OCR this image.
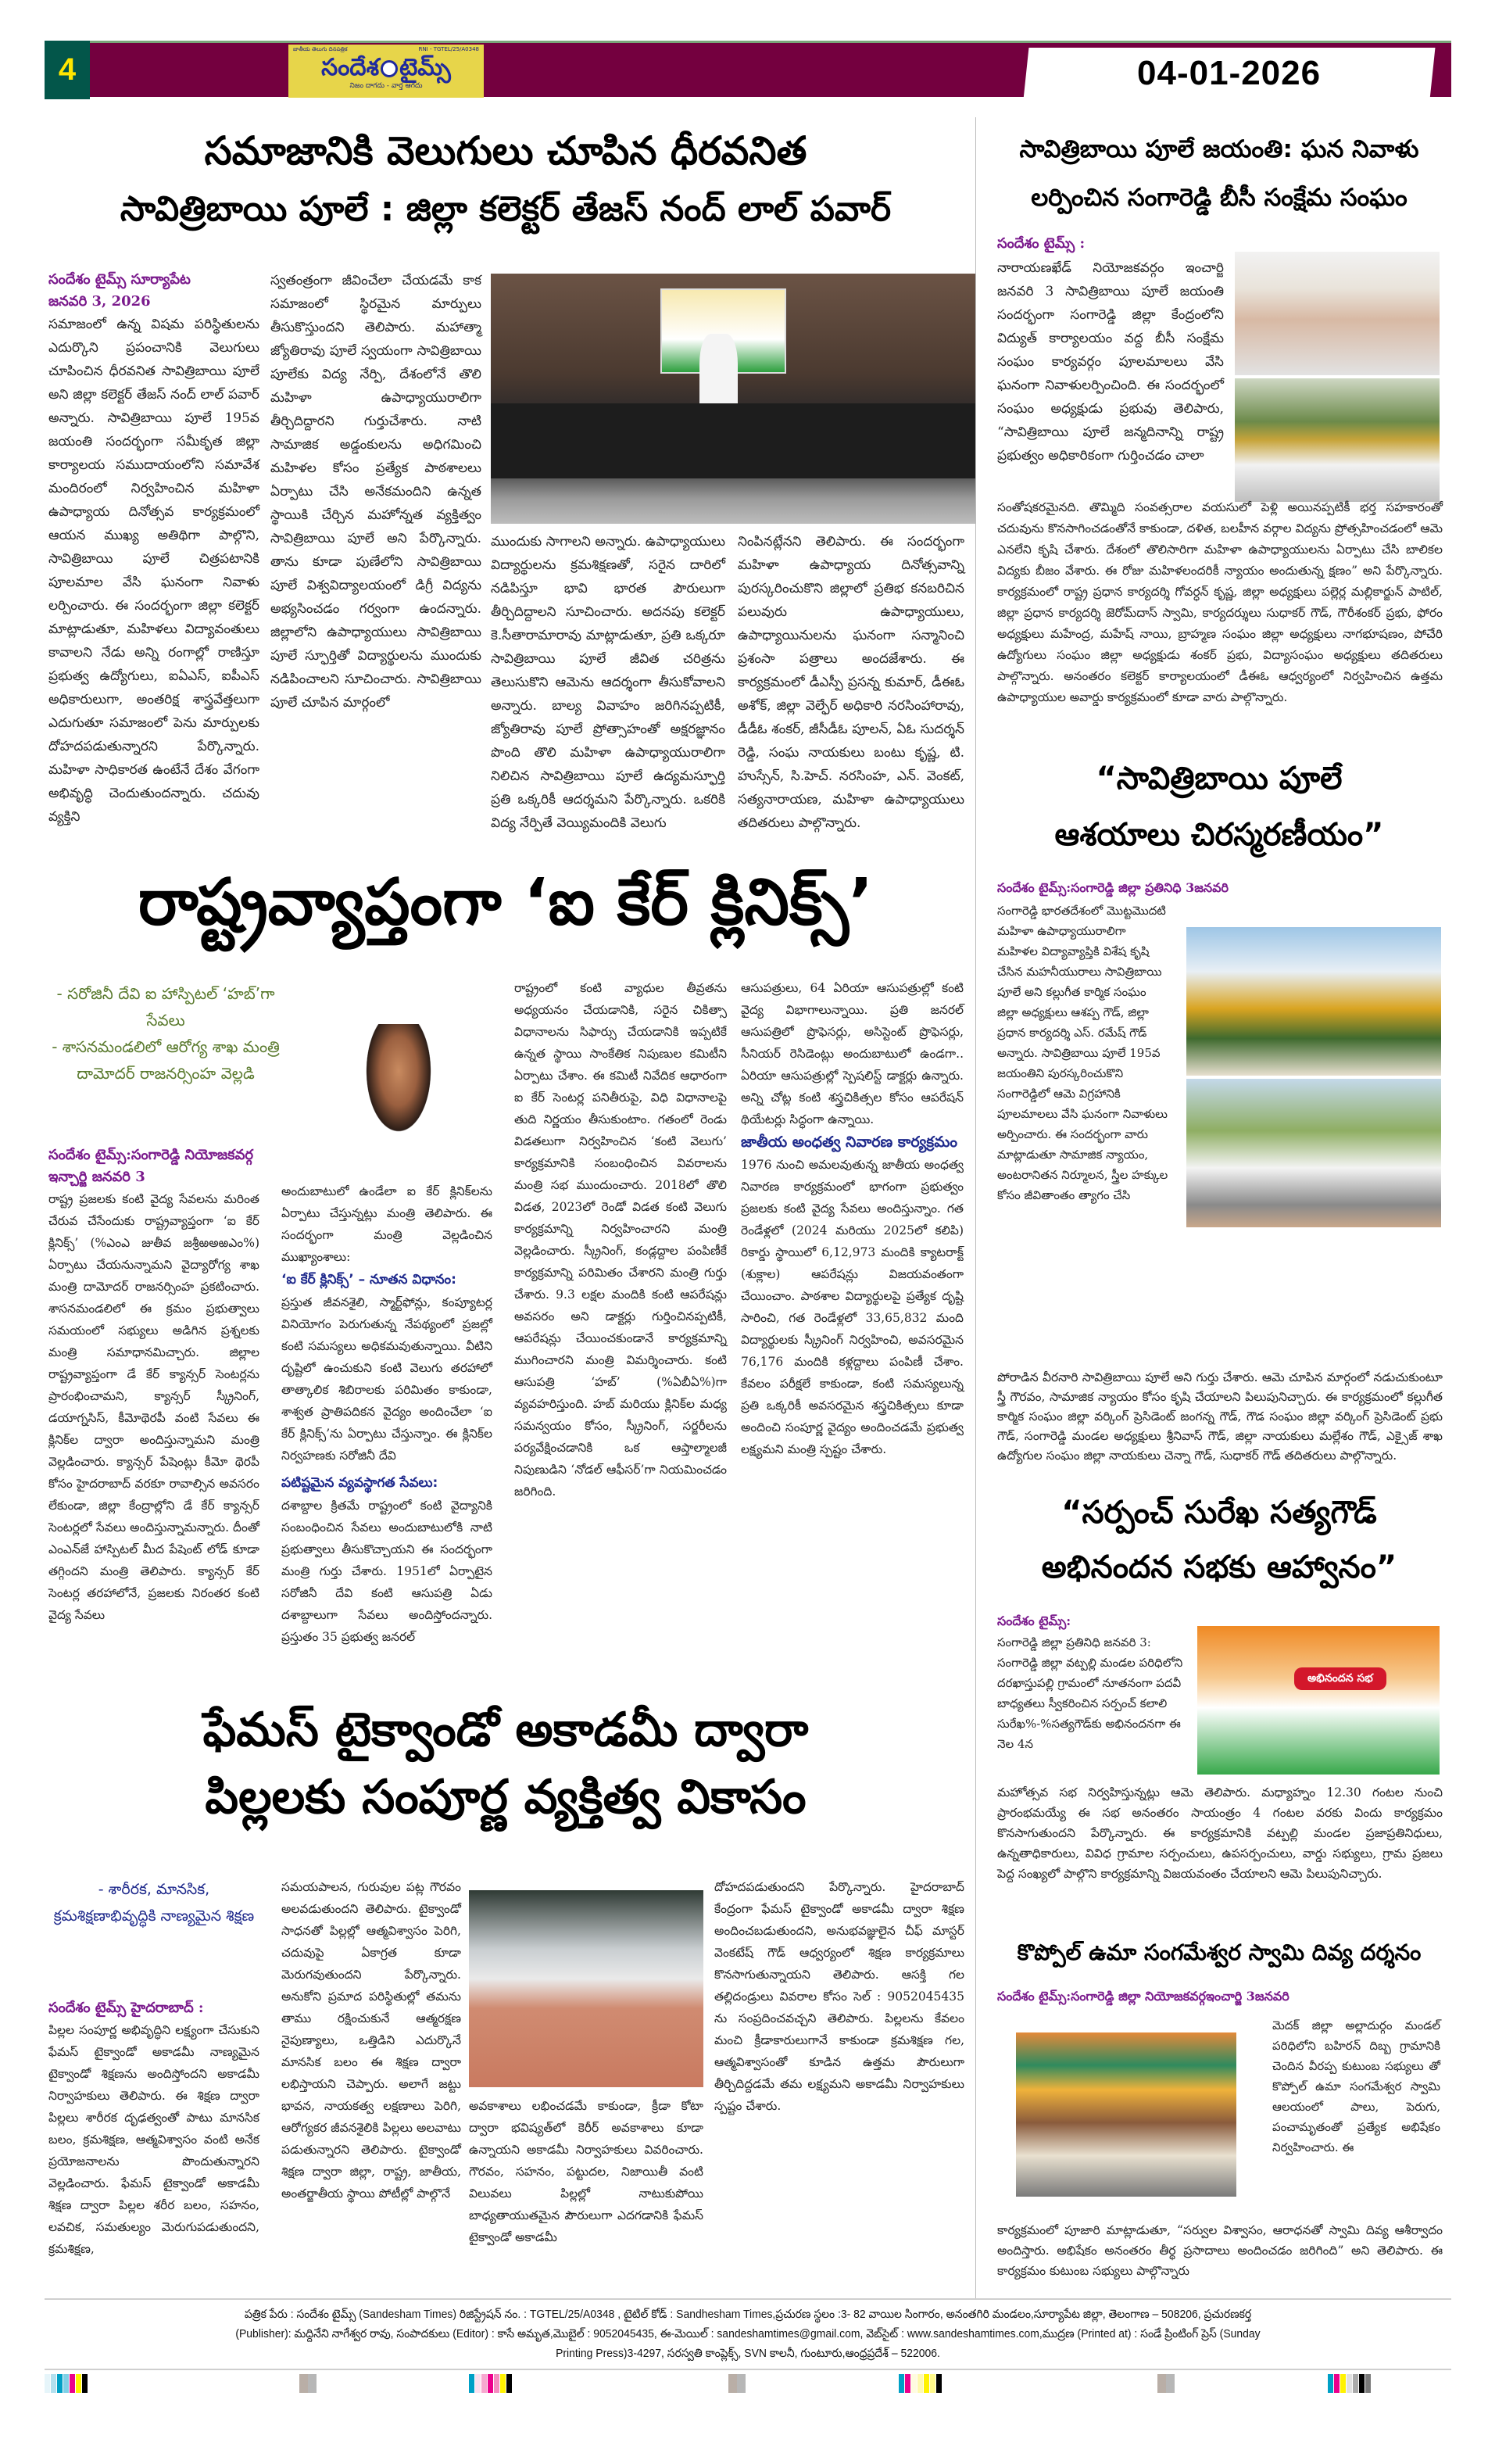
4
జాతీయ తెలుగు దినపత్రిక	RNI - TGTEL/25/A0348
సందేశ టైమ్స్
నిజం దాగదు - వార్త ఆగదు	04-01-2026
సమాజానికి వెలుగులు చూపిన ధీరవనిత
సావిత్రిబాయి పూలే : జిల్లా కలెక్టర్ తేజస్ నంద్ లాల్ పవార్
సందేశం టైమ్స్ సూర్యాపేట
జనవరి 3, 2026

సమాజంలో ఉన్న విషమ పరిస్థితులను ఎదుర్కొని ప్రపంచానికి వెలుగులు చూపించిన ధీరవనిత సావిత్రిబాయి పూలే అని జిల్లా కలెక్టర్ తేజస్ నంద్ లాల్ పవార్ అన్నారు. సావిత్రిబాయి పూలే 195వ జయంతి సందర్భంగా సమీకృత జిల్లా కార్యాలయ సముదాయంలోని సమావేశ మందిరంలో నిర్వహించిన మహిళా ఉపాధ్యాయ దినోత్సవ కార్యక్రమంలో ఆయన ముఖ్య అతిథిగా పాల్గొని, సావిత్రిబాయి పూలే చిత్రపటానికి పూలమాల వేసి ఘనంగా నివాళు లర్పించారు. ఈ సందర్భంగా జిల్లా కలెక్టర్ మాట్లాడుతూ, మహిళలు విద్యావంతులు కావాలని నేడు అన్ని రంగాల్లో రాణిస్తూ ప్రభుత్వ ఉద్యోగులు, ఐఏఎస్, ఐపీఎస్ అధికారులుగా, అంతరిక్ష శాస్త్రవేత్తలుగా ఎదుగుతూ సమాజంలో పెను మార్పులకు దోహదపడుతున్నారని పేర్కొన్నారు. మహిళా సాధికారత ఉంటేనే దేశం వేగంగా అభివృద్ధి చెందుతుందన్నారు. చదువు వ్యక్తిని

స్వతంత్రంగా జీవించేలా చేయడమే కాక సమాజంలో స్థిరమైన మార్పులు తీసుకొస్తుందని తెలిపారు. మహాత్మా జ్యోతిరావు పూలే స్వయంగా సావిత్రిబాయి పూలేకు విద్య నేర్పి, దేశంలోనే తొలి మహిళా ఉపాధ్యాయురాలిగా తీర్చిదిద్దారని గుర్తుచేశారు. నాటి సామాజిక అడ్డంకులను అధిగమించి మహిళల కోసం ప్రత్యేక పాఠశాలలు ఏర్పాటు చేసి అనేకమందిని ఉన్నత స్థాయికి చేర్చిన మహోన్నత వ్యక్తిత్వం సావిత్రిబాయి పూలే అని పేర్కొన్నారు. తాను కూడా పుణేలోని సావిత్రిబాయి పూలే విశ్వవిద్యాలయంలో డిగ్రీ విద్యను అభ్యసించడం గర్వంగా ఉందన్నారు. జిల్లాలోని ఉపాధ్యాయులు సావిత్రిబాయి పూలే స్ఫూర్తితో విద్యార్థులను ముందుకు నడిపించాలని సూచించారు. సావిత్రిబాయి పూలే చూపిన మార్గంలో

ముందుకు సాగాలని అన్నారు. ఉపాధ్యాయులు విద్యార్థులను క్రమశిక్షణతో, సరైన దారిలో నడిపిస్తూ భావి భారత పౌరులుగా తీర్చిదిద్దాలని సూచించారు. అదనపు కలెక్టర్ కె.సీతారామారావు మాట్లాడుతూ, ప్రతి ఒక్కరూ సావిత్రిబాయి పూలే జీవిత చరిత్రను తెలుసుకొని ఆమెను ఆదర్శంగా తీసుకోవాలని అన్నారు. బాల్య వివాహం జరిగినప్పటికీ, జ్యోతిరావు పూలే ప్రోత్సాహంతో అక్షరజ్ఞానం పొంది తొలి మహిళా ఉపాధ్యాయురాలిగా నిలిచిన సావిత్రిబాయి పూలే ఉద్యమస్ఫూర్తి ప్రతి ఒక్కరికీ ఆదర్శమని పేర్కొన్నారు. ఒకరికి విద్య నేర్పితే వెయ్యిమందికి వెలుగు

నింపినట్లేనని తెలిపారు. ఈ సందర్భంగా మహిళా ఉపాధ్యాయ దినోత్సవాన్ని పురస్కరించుకొని జిల్లాలో ప్రతిభ కనబరిచిన పలువురు ఉపాధ్యాయులు, ఉపాధ్యాయినులను ఘనంగా సన్మానించి ప్రశంసా పత్రాలు అందజేశారు. ఈ కార్యక్రమంలో డీఎస్పీ ప్రసన్న కుమార్, డీఈఓ అశోక్, జిల్లా వెల్ఫేర్ అధికారి నరసింహారావు, డీడీఓ శంకర్, జీసీడీఓ పూలన్, ఏఓ సుదర్శన్ రెడ్డి, సంఘ నాయకులు బంటు కృష్ణ, టి. హుస్సేన్, సి.హెచ్. నరసింహ, ఎన్. వెంకట్, సత్యనారాయణ, మహిళా ఉపాధ్యాయులు తదితరులు పాల్గొన్నారు.

సావిత్రిబాయి పూలే జయంతి: ఘన నివాళు
లర్పించిన సంగారెడ్డి బీసీ సంక్షేమ సంఘం
సందేశం టైమ్స్ :

నారాయణఖేడ్ నియోజకవర్గం ఇంచార్జి జనవరి 3 సావిత్రిబాయి పూలే జయంతి సందర్భంగా సంగారెడ్డి జిల్లా కేంద్రంలోని విద్యుత్ కార్యాలయం వద్ద బీసీ సంక్షేమ సంఘం కార్యవర్గం పూలమాలలు వేసి ఘనంగా నివాళులర్పించింది. ఈ సందర్భంలో సంఘం అధ్యక్షుడు ప్రభువు తెలిపారు, “సావిత్రిబాయి పూలే జన్మదినాన్ని రాష్ట్ర ప్రభుత్వం అధికారికంగా గుర్తించడం చాలా

సంతోషకరమైనది. తొమ్మిది సంవత్సరాల వయసులో పెళ్లి అయినప్పటికీ భర్త సహకారంతో చదువును కొనసాగించడంతోనే కాకుండా, దళిత, బలహీన వర్గాల విద్యను ప్రోత్సహించడంలో ఆమె ఎనలేని కృషి చేశారు. దేశంలో తొలిసారిగా మహిళా ఉపాధ్యాయులను ఏర్పాటు చేసి బాలికల విద్యకు బీజం వేశారు. ఈ రోజు మహిళలందరికీ న్యాయం అందుతున్న క్షణం” అని పేర్కొన్నారు. కార్యక్రమంలో రాష్ట్ర ప్రధాన కార్యదర్శి గోవర్ధన్ కృష్ణ, జిల్లా అధ్యక్షులు పల్లెర్ల మల్లికార్జున్ పాటిల్, జిల్లా ప్రధాన కార్యదర్శి జెరోమ్‌దాస్ స్వామి, కార్యదర్శులు సుధాకర్ గౌడ్, గౌరీశంకర్ ప్రభు, ఫోరం అధ్యక్షులు మహేంద్ర, మహేష్ నాయి, బ్రాహ్మణ సంఘం జిల్లా అధ్యక్షులు నాగభూషణం, పోచేరి ఉద్యోగులు సంఘం జిల్లా అధ్యక్షుడు శంకర్ ప్రభు, విద్యాసంఘం అధ్యక్షులు తదితరులు పాల్గొన్నారు. అనంతరం కలెక్టర్ కార్యాలయంలో డీఈఓ ఆధ్వర్యంలో నిర్వహించిన ఉత్తమ ఉపాధ్యాయుల అవార్డు కార్యక్రమంలో కూడా వారు పాల్గొన్నారు.

“సావిత్రిబాయి పూలే
ఆశయాలు చిరస్మరణీయం”
సందేశం టైమ్స్:సంగారెడ్డి జిల్లా ప్రతినిధి 3జనవరి

సంగారెడ్డి భారతదేశంలో మొట్టమొదటి మహిళా ఉపాధ్యాయురాలిగా మహిళల విద్యావ్యాప్తికి విశేష కృషి చేసిన మహనీయురాలు సావిత్రిబాయి పూలే అని కల్లుగీత కార్మిక సంఘం జిల్లా అధ్యక్షులు ఆశప్ప గౌడ్, జిల్లా ప్రధాన కార్యదర్శి ఎస్. రమేష్ గౌడ్ అన్నారు. సావిత్రిబాయి పూలే 195వ జయంతిని పురస్కరించుకొని సంగారెడ్డిలో ఆమె విగ్రహానికి పూలమాలలు వేసి ఘనంగా నివాళులు అర్పించారు. ఈ సందర్భంగా వారు మాట్లాడుతూ సామాజిక న్యాయం, అంటరానితన నిర్మూలన, స్త్రీల హక్కుల కోసం జీవితాంతం త్యాగం చేసి

పోరాడిన వీరనారి సావిత్రిబాయి పూలే అని గుర్తు చేశారు. ఆమె చూపిన మార్గంలో నడుచుకుంటూ స్త్రీ గౌరవం, సామాజిక న్యాయం కోసం కృషి చేయాలని పిలుపునిచ్చారు. ఈ కార్యక్రమంలో కల్లుగీత కార్మిక సంఘం జిల్లా వర్కింగ్ ప్రెసిడెంట్ జంగన్న గౌడ్, గౌడ సంఘం జిల్లా వర్కింగ్ ప్రెసిడెంట్ ప్రభు గౌడ్, సంగారెడ్డి మండల అధ్యక్షులు శ్రీనివాస్ గౌడ్, జిల్లా నాయకులు మల్లేశం గౌడ్, ఎక్సైజ్ శాఖ ఉద్యోగుల సంఘం జిల్లా నాయకులు చెన్నా గౌడ్, సుధాకర్ గౌడ్ తదితరులు పాల్గొన్నారు.

“సర్పంచ్ సురేఖ సత్యగౌడ్
అభినందన సభకు ఆహ్వానం”
సందేశం టైమ్స్:

సంగారెడ్డి జిల్లా ప్రతినిధి జనవరి 3: సంగారెడ్డి జిల్లా వట్పల్లి మండల పరిధిలోని దరఖాస్తుపల్లి గ్రామంలో నూతనంగా పదవీ బాధ్యతలు స్వీకరించిన సర్పంచ్ కలాలి సురేఖ%-%సత్యగౌడ్‌కు అభినందనగా ఈ నెల 4న

అభినందన సభ

మహోత్సవ సభ నిర్వహిస్తున్నట్లు ఆమె తెలిపారు. మధ్యాహ్నం 12.30 గంటల నుంచి ప్రారంభమయ్యే ఈ సభ అనంతరం సాయంత్రం 4 గంటల వరకు విందు కార్యక్రమం కొనసాగుతుందని పేర్కొన్నారు. ఈ కార్యక్రమానికి వట్పల్లి మండల ప్రజాప్రతినిధులు, ఉన్నతాధికారులు, వివిధ గ్రామాల సర్పంచులు, ఉపసర్పంచులు, వార్డు సభ్యులు, గ్రామ ప్రజలు పెద్ద సంఖ్యలో పాల్గొని కార్యక్రమాన్ని విజయవంతం చేయాలని ఆమె పిలుపునిచ్చారు.

కొప్పోల్ ఉమా సంగమేశ్వర స్వామి దివ్య దర్శనం
సందేశం టైమ్స్:సంగారెడ్డి జిల్లా నియోజకవర్గఇంచార్జి 3జనవరి

మెదక్ జిల్లా అల్లాదుర్గం మండల్ పరిధిలోని బహిరన్ దిబ్బ గ్రామానికి చెందిన వీరప్ప కుటుంబ సభ్యులు తో కొప్పోల్ ఉమా సంగమేశ్వర స్వామి ఆలయంలో పాలు, పెరుగు, పంచామృతంతో ప్రత్యేక అభిషేకం నిర్వహించారు. ఈ

కార్యక్రమంలో పూజారి మాట్లాడుతూ, “సర్వుల విశ్వాసం, ఆరాధనతో స్వామి దివ్య ఆశీర్వాదం అందిస్తారు. అభిషేకం అనంతరం తీర్థ ప్రసాదాలు అందించడం జరిగింది” అని తెలిపారు. ఈ కార్యక్రమం కుటుంబ సభ్యులు పాల్గొన్నారు

రాష్ట్రవ్యాప్తంగా ‘ఐ కేర్ క్లినిక్స్’
- సరోజినీ దేవి ఐ హాస్పిటల్ ‘హబ్’గా సేవలు
- శాసనమండలిలో ఆరోగ్య శాఖ మంత్రి దామోదర్ రాజనర్సింహ వెల్లడి
సందేశం టైమ్స్:సంగారెడ్డి నియోజకవర్గ ఇన్చార్జి జనవరి 3

రాష్ట్ర ప్రజలకు కంటి వైద్య సేవలను మరింత చేరువ చేసేందుకు రాష్ట్రవ్యాప్తంగా ‘ఐ కేర్ క్లినిక్స్’ (%ఎం‌ఎ జుతీవ జశ్రీఱఅఱఎం%) ఏర్పాటు చేయనున్నామని వైద్యారోగ్య శాఖ మంత్రి దామోదర్ రాజనర్సింహ ప్రకటించారు. శాసనమండలిలో ఈ క్రమం ప్రభుత్వాలు సమయంలో సభ్యులు అడిగిన ప్రశ్నలకు మంత్రి సమాధానమిచ్చారు. జిల్లాల రాష్ట్రవ్యాప్తంగా డే కేర్ క్యాన్సర్ సెంటర్లను ప్రారంభించామని, క్యాన్సర్ స్క్రీనింగ్, డయాగ్నసిస్, కీమోథెరపీ వంటి సేవలు ఈ క్లినిక్‌ల ద్వారా అందిస్తున్నామని మంత్రి వెల్లడించారు. క్యాన్సర్ పేషెంట్లు కీమో థెరపీ కోసం హైదరాబాద్ వరకూ రావాల్సిన అవసరం లేకుండా, జిల్లా కేంద్రాల్లోని డే కేర్ క్యాన్సర్ సెంటర్లలో సేవలు అందిస్తున్నామన్నారు. దీంతో ఎంఎన్‌జే హాస్పిటల్ మీద పేషెంట్ లోడ్ కూడా తగ్గిందని మంత్రి తెలిపారు. క్యాన్సర్ కేర్ సెంటర్ల తరహాలోనే, ప్రజలకు నిరంతర కంటి వైద్య సేవలు

అందుబాటులో ఉండేలా ఐ కేర్ క్లినిక్‌లను ఏర్పాటు చేస్తున్నట్లు మంత్రి తెలిపారు. ఈ సందర్భంగా మంత్రి వెల్లడించిన ముఖ్యాంశాలు:

‘ఐ కేర్ క్లినిక్స్’ – నూతన విధానం:

ప్రస్తుత జీవనశైలి, స్మార్ట్‌ఫోన్లు, కంప్యూటర్ల వినియోగం పెరుగుతున్న నేపథ్యంలో ప్రజల్లో కంటి సమస్యలు అధికమవుతున్నాయి. వీటిని దృష్టిలో ఉంచుకుని కంటి వెలుగు తరహాలో తాత్కాలిక శిబిరాలకు పరిమితం కాకుండా, శాశ్వత ప్రాతిపదికన వైద్యం అందించేలా ‘ఐ కేర్ క్లినిక్స్’ను ఏర్పాటు చేస్తున్నాం. ఈ క్లినిక్‌ల నిర్వహణకు సరోజినీ దేవి

పటిష్టమైన వ్యవస్థాగత సేవలు:

దశాబ్దాల క్రితమే రాష్ట్రంలో కంటి వైద్యానికి సంబంధించిన సేవలు అందుబాటులోకి నాటి ప్రభుత్వాలు తీసుకొచ్చాయని ఈ సందర్భంగా మంత్రి గుర్తు చేశారు. 1951లో ఏర్పాటైన సరోజినీ దేవి కంటి ఆసుపత్రి ఏడు దశాబ్దాలుగా సేవలు అందిస్తోందన్నారు. ప్రస్తుతం 35 ప్రభుత్వ జనరల్

రాష్ట్రంలో కంటి వ్యాధుల తీవ్రతను అధ్యయనం చేయడానికి, సరైన చికిత్సా విధానాలను సిఫార్సు చేయడానికి ఇప్పటికే ఉన్నత స్థాయి సాంకేతిక నిపుణుల కమిటీని ఏర్పాటు చేశాం. ఈ కమిటీ నివేదిక ఆధారంగా ఐ కేర్ సెంటర్ల పనితీరుపై, విధి విధానాలపై తుది నిర్ణయం తీసుకుంటాం. గతంలో రెండు విడతలుగా నిర్వహించిన ‘కంటి వెలుగు’ కార్యక్రమానికి సంబంధించిన వివరాలను మంత్రి సభ ముందుంచారు. 2018లో తొలి విడత, 2023లో రెండో విడత కంటి వెలుగు కార్యక్రమాన్ని నిర్వహించారని మంత్రి వెల్లడించారు. స్క్రీనింగ్, కండ్లద్దాల పంపిణీకే కార్యక్రమాన్ని పరిమితం చేశారని మంత్రి గుర్తు చేశారు. 9.3 లక్షల మందికి కంటి ఆపరేషన్లు అవసరం అని డాక్టర్లు గుర్తించినప్పటికీ, ఆపరేషన్లు చేయించకుండానే కార్యక్రమాన్ని ముగించారని మంత్రి విమర్శించారు. కంటి ఆసుపత్రి ‘హబ్’ (%ఏబీఏ%)గా వ్యవహరిస్తుంది. హబ్ మరియు క్లినిక్‌ల మధ్య సమన్వయం కోసం, స్క్రీనింగ్, సర్జరీలను పర్యవేక్షించడానికి ఒక ఆప్తాల్మాలజీ నిపుణుడిని ‘నోడల్ ఆఫీసర్’గా నియమించడం జరిగింది.

ఆసుపత్రులు, 64 ఏరియా ఆసుపత్రుల్లో కంటి వైద్య విభాగాలున్నాయి. ప్రతి జనరల్ ఆసుపత్రిలో ప్రొఫెసర్లు, అసిస్టెంట్ ప్రొఫెసర్లు, సీనియర్ రెసిడెంట్లు అందుబాటులో ఉండగా.. ఏరియా ఆసుపత్రుల్లో స్పెషలిస్ట్ డాక్టర్లు ఉన్నారు. అన్ని చోట్ల కంటి శస్త్రచికిత్సల కోసం ఆపరేషన్ థియేటర్లు సిద్ధంగా ఉన్నాయి.

జాతీయ అంధత్వ నివారణ కార్యక్రమం

1976 నుంచి అమలవుతున్న జాతీయ అంధత్వ నివారణ కార్యక్రమంలో భాగంగా ప్రభుత్వం ప్రజలకు కంటి వైద్య సేవలు అందిస్తున్నాం. గత రెండేళ్లలో (2024 మరియు 2025లో కలిపి) రికార్డు స్థాయిలో 6,12,973 మందికి క్యాటరాక్ట్ (శుక్లాల) ఆపరేషన్లు విజయవంతంగా చేయించాం. పాఠశాల విద్యార్థులపై ప్రత్యేక దృష్టి సారించి, గత రెండేళ్లలో 33,65,832 మంది విద్యార్థులకు స్క్రీనింగ్ నిర్వహించి, అవసరమైన 76,176 మందికి కళ్లద్దాలు పంపిణీ చేశాం. కేవలం పరీక్షలే కాకుండా, కంటి సమస్యలున్న ప్రతి ఒక్కరికీ అవసరమైన శస్త్రచికిత్సలు కూడా అందించి సంపూర్ణ వైద్యం అందించడమే ప్రభుత్వ లక్ష్యమని మంత్రి స్పష్టం చేశారు.

ఫేమస్ టైక్వాండో అకాడమీ ద్వారా
పిల్లలకు సంపూర్ణ వ్యక్తిత్వ వికాసం
- శారీరక, మానసిక, క్రమశిక్షణాభివృద్ధికి నాణ్యమైన శిక్షణ
సందేశం టైమ్స్ హైదరాబాద్ :

పిల్లల సంపూర్ణ అభివృద్ధిని లక్ష్యంగా చేసుకుని ఫేమస్ టైక్వాండో అకాడమీ నాణ్యమైన టైక్వాండో శిక్షణను అందిస్తోందని అకాడమీ నిర్వాహకులు తెలిపారు. ఈ శిక్షణ ద్వారా పిల్లలు శారీరక దృఢత్వంతో పాటు మానసిక బలం, క్రమశిక్షణ, ఆత్మవిశ్వాసం వంటి అనేక ప్రయోజనాలను పొందుతున్నారని వెల్లడించారు. ఫేమస్ టైక్వాండో అకాడమీ శిక్షణ ద్వారా పిల్లల శరీర బలం, సహనం, లవచిక, సమతుల్యం మెరుగుపడుతుందని, క్రమశిక్షణ,

సమయపాలన, గురువుల పట్ల గౌరవం అలవడుతుందని తెలిపారు. టైక్వాండో సాధనతో పిల్లల్లో ఆత్మవిశ్వాసం పెరిగి, చదువుపై ఏకాగ్రత కూడా మెరుగవుతుందని పేర్కొన్నారు. అనుకోని ప్రమాద పరిస్థితుల్లో తమను తాము రక్షించుకునే ఆత్మరక్షణ నైపుణ్యాలు, ఒత్తిడిని ఎదుర్కొనే మానసిక బలం ఈ శిక్షణ ద్వారా లభిస్తాయని చెప్పారు. అలాగే జట్టు భావన, నాయకత్వ లక్షణాలు పెరిగి, ఆరోగ్యకర జీవనశైలికి పిల్లలు అలవాటు పడుతున్నారని తెలిపారు. టైక్వాండో శిక్షణ ద్వారా జిల్లా, రాష్ట్ర, జాతీయ, అంతర్జాతీయ స్థాయి పోటీల్లో పాల్గొనే

అవకాశాలు లభించడమే కాకుండా, క్రీడా కోటా ద్వారా భవిష్యత్‌లో కెరీర్ అవకాశాలు కూడా ఉన్నాయని అకాడమీ నిర్వాహకులు వివరించారు. గౌరవం, సహనం, పట్టుదల, నిజాయితీ వంటి విలువలు పిల్లల్లో నాటుకుపోయి బాధ్యతాయుతమైన పౌరులుగా ఎదగడానికి ఫేమస్ టైక్వాండో అకాడమీ

దోహదపడుతుందని పేర్కొన్నారు. హైదరాబాద్ కేంద్రంగా ఫేమస్ టైక్వాండో అకాడమీ ద్వారా శిక్షణ అందించబడుతుందని, అనుభవజ్ఞులైన చీఫ్ మాస్టర్ వెంకటేష్ గౌడ్ ఆధ్వర్యంలో శిక్షణ కార్యక్రమాలు కొనసాగుతున్నాయని తెలిపారు. ఆసక్తి గల తల్లిదండ్రులు వివరాల కోసం సెల్ : 9052045435 ను సంప్రదించవచ్చని తెలిపారు. పిల్లలను కేవలం మంచి క్రీడాకారులుగానే కాకుండా క్రమశిక్షణ గల, ఆత్మవిశ్వాసంతో కూడిన ఉత్తమ పౌరులుగా తీర్చిదిద్దడమే తమ లక్ష్యమని అకాడమీ నిర్వాహకులు స్పష్టం చేశారు.

పత్రిక పేరు : సందేశం టైమ్స్ (Sandesham Times) రిజిస్ట్రేషన్ నం. : TGTEL/25/A0348 , టైటిల్ కోడ్ : Sandhesham Times,ప్రచురణ స్థలం :3- 82 వాయిల సింగారం, అనంతగిరి మండలం,సూర్యాపేట జిల్లా, తెలంగాణ – 508206, ప్రచురణకర్త
(Publisher): మద్దినేని నాగేశ్వర రావు, సంపాదకులు (Editor) : కాసే అమృత,మొబైల్ : 9052045435, ఈ-మెయిల్ : sandeshamtimes@gmail.com, వెబ్‌సైట్ : www.sandeshamtimes.com,ముద్రణ (Printed at) : సండే ప్రింటింగ్ ప్రెస్ (Sunday
Printing Press)3-4297, సరస్వతి కాంప్లెక్స్, SVN కాలనీ, గుంటూరు,ఆంధ్రప్రదేశ్ – 522006.
